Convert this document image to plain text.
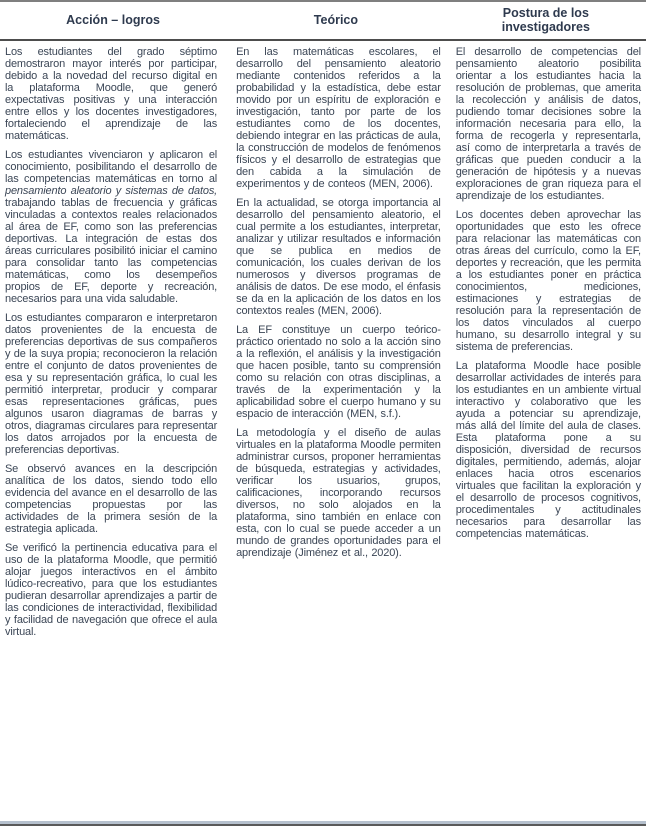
Acción – logros	Teórico	Postura de los investigadores

Los estudiantes del grado séptimo demostraron mayor interés por participar, debido a la novedad del recurso digital en la plataforma Moodle, que generó expectativas positivas y una interacción entre ellos y los docentes investigadores, fortaleciendo el aprendizaje de las matemáticas.

Los estudiantes vivenciaron y aplicaron el conocimiento, posibilitando el desarrollo de las competencias matemáticas en torno al pensamiento aleatorio y sistemas de datos, trabajando tablas de frecuencia y gráficas vinculadas a contextos reales relacionados al área de EF, como son las preferencias deportivas. La integración de estas dos áreas curriculares posibilitó iniciar el camino para consolidar tanto las competencias matemáticas, como los desempeños propios de EF, deporte y recreación, necesarios para una vida saludable.

Los estudiantes compararon e interpretaron datos provenientes de la encuesta de preferencias deportivas de sus compañeros y de la suya propia; reconocieron la relación entre el conjunto de datos provenientes de esa y su representación gráfica, lo cual les permitió interpretar, producir y comparar esas representaciones gráficas, pues algunos usaron diagramas de barras y otros, diagramas circulares para representar los datos arrojados por la encuesta de preferencias deportivas.

Se observó avances en la descripción analítica de los datos, siendo todo ello evidencia del avance en el desarrollo de las competencias propuestas por las actividades de la primera sesión de la estrategia aplicada.

Se verificó la pertinencia educativa para el uso de la plataforma Moodle, que permitió alojar juegos interactivos en el ámbito lúdico-recreativo, para que los estudiantes pudieran desarrollar aprendizajes a partir de las condiciones de interactividad, flexibilidad y facilidad de navegación que ofrece el aula virtual.

En las matemáticas escolares, el desarrollo del pensamiento aleatorio mediante contenidos referidos a la probabilidad y la estadística, debe estar movido por un espíritu de exploración e investigación, tanto por parte de los estudiantes como de los docentes, debiendo integrar en las prácticas de aula, la construcción de modelos de fenómenos físicos y el desarrollo de estrategias que den cabida a la simulación de experimentos y de conteos (MEN, 2006).

En la actualidad, se otorga importancia al desarrollo del pensamiento aleatorio, el cual permite a los estudiantes, interpretar, analizar y utilizar resultados e información que se publica en medios de comunicación, los cuales derivan de los numerosos y diversos programas de análisis de datos. De ese modo, el énfasis se da en la aplicación de los datos en los contextos reales (MEN, 2006).

La EF constituye un cuerpo teórico-práctico orientado no solo a la acción sino a la reflexión, el análisis y la investigación que hacen posible, tanto su comprensión como su relación con otras disciplinas, a través de la experimentación y la aplicabilidad sobre el cuerpo humano y su espacio de interacción (MEN, s.f.).

La metodología y el diseño de aulas virtuales en la plataforma Moodle permiten administrar cursos, proponer herramientas de búsqueda, estrategias y actividades, verificar los usuarios, grupos, calificaciones, incorporando recursos diversos, no solo alojados en la plataforma, sino también en enlace con esta, con lo cual se puede acceder a un mundo de grandes oportunidades para el aprendizaje (Jiménez et al., 2020).

El desarrollo de competencias del pensamiento aleatorio posibilita orientar a los estudiantes hacia la resolución de problemas, que amerita la recolección y análisis de datos, pudiendo tomar decisiones sobre la información necesaria para ello, la forma de recogerla y representarla, así como de interpretarla a través de gráficas que pueden conducir a la generación de hipótesis y a nuevas exploraciones de gran riqueza para el aprendizaje de los estudiantes.

Los docentes deben aprovechar las oportunidades que esto les ofrece para relacionar las matemáticas con otras áreas del currículo, como la EF, deportes y recreación, que les permita a los estudiantes poner en práctica conocimientos, mediciones, estimaciones y estrategias de resolución para la representación de los datos vinculados al cuerpo humano, su desarrollo integral y su sistema de preferencias.

La plataforma Moodle hace posible desarrollar actividades de interés para los estudiantes en un ambiente virtual interactivo y colaborativo que les ayuda a potenciar su aprendizaje, más allá del límite del aula de clases. Esta plataforma pone a su disposición, diversidad de recursos digitales, permitiendo, además, alojar enlaces hacia otros escenarios virtuales que facilitan la exploración y el desarrollo de procesos cognitivos, procedimentales y actitudinales necesarios para desarrollar las competencias matemáticas.
